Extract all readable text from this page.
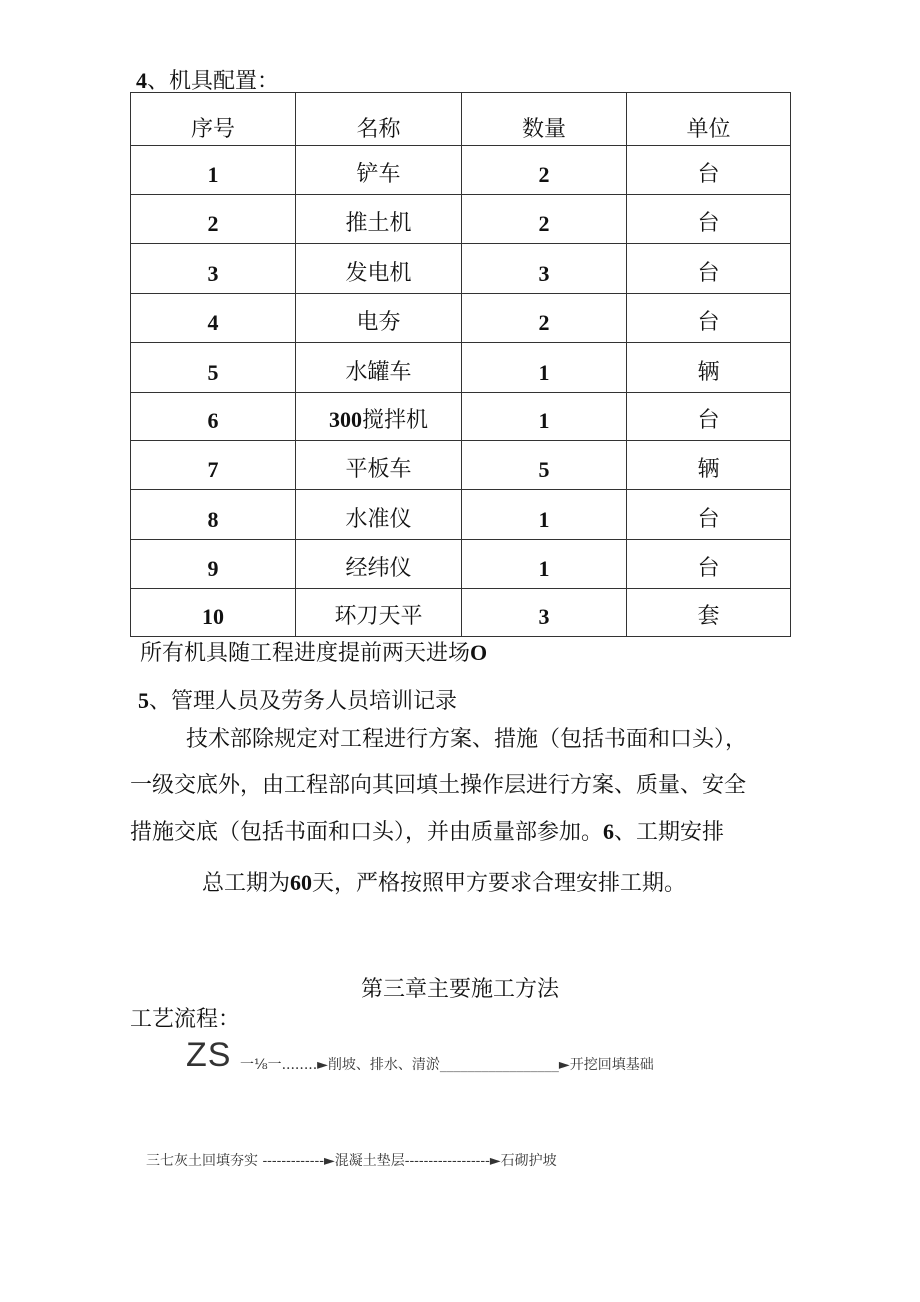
4、机具配置：
序号	名称	数量	单位
1	铲车	2	台
2	推土机	2	台
3	发电机	3	台
4	电夯	2	台
5	水罐车	1	辆
6	300搅拌机	1	台
7	平板车	5	辆
8	水准仪	1	台
9	经纬仪	1	台
10	环刀天平	3	套
所有机具随工程进度提前两天进场O
5、管理人员及劳务人员培训记录
技术部除规定对工程进行方案、措施（包括书面和口头），
一级交底外，由工程部向其回填土操作层进行方案、质量、安全
措施交底（包括书面和口头），并由质量部参加。6、工期安排
总工期为60天，严格按照甲方要求合理安排工期。
第三章主要施工方法
工艺流程：
ZS 一⅛一........►削坡、排水、清淤_________________►开挖回填基础
三七灰土回填夯实 -------------►混凝土垫层------------------►石砌护坡
